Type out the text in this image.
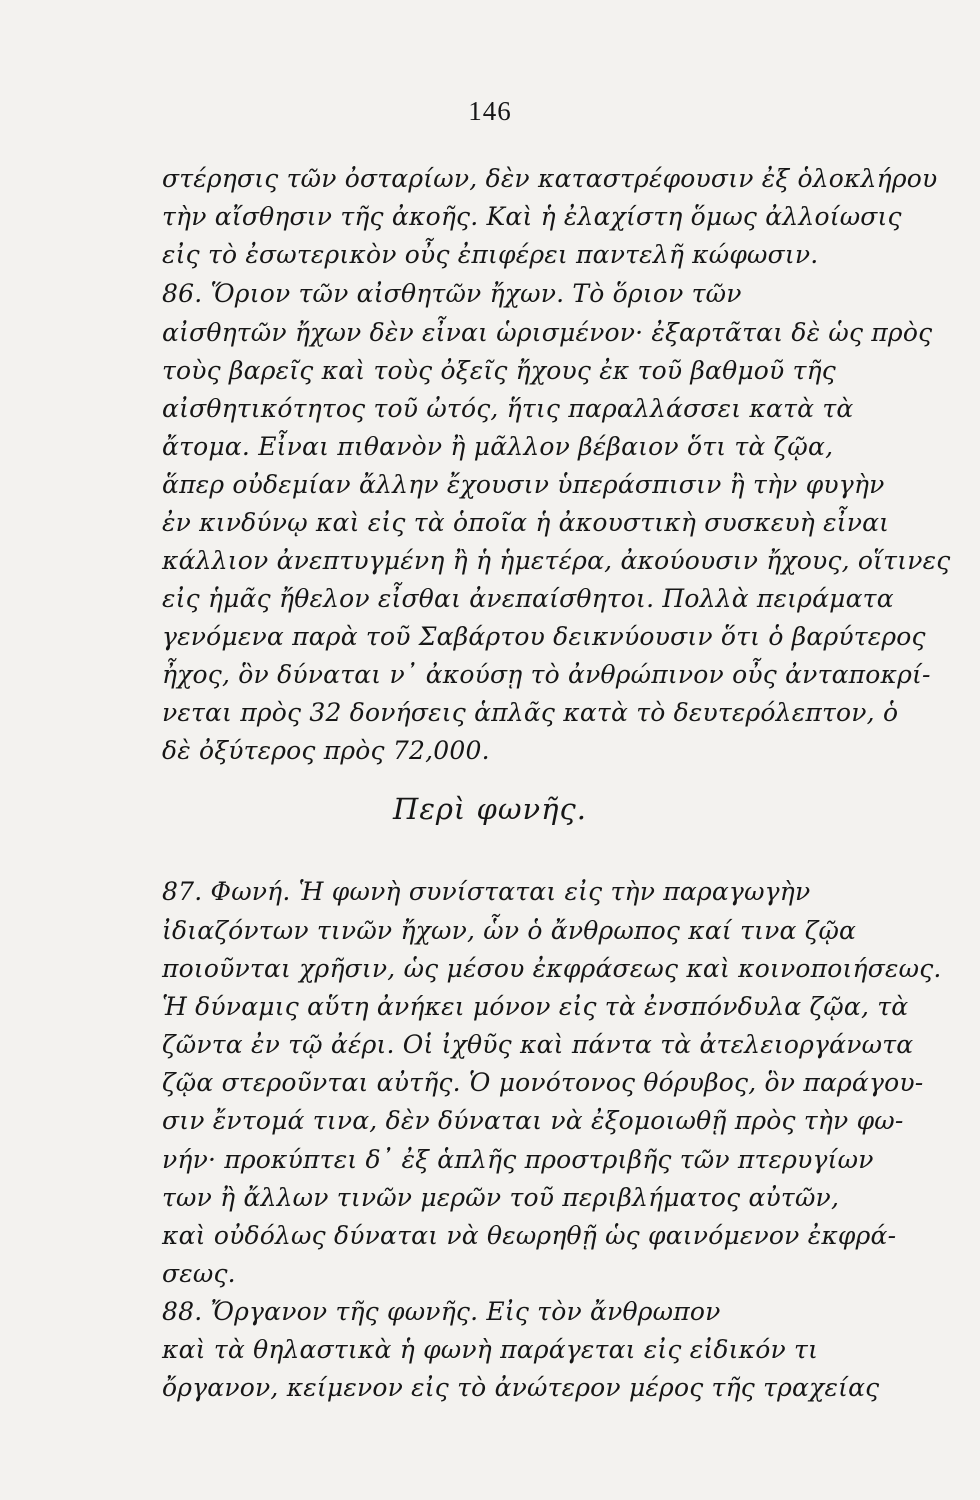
146
στέρησις τῶν ὀσταρίων, δὲν καταστρέφουσιν ἐξ ὁλοκλήρου
τὴν αἴσθησιν τῆς ἀκοῆς. Καὶ ἡ ἐλαχίστη ὅμως ἀλλοίωσις
εἰς τὸ ἐσωτερικὸν οὖς ἐπιφέρει παντελῆ κώφωσιν.
86. Ὅριον τῶν αἰσθητῶν ἤχων. Τὸ ὅριον τῶν
αἰσθητῶν ἤχων δὲν εἶναι ὡρισμένον· ἐξαρτᾶται δὲ ὡς πρὸς
τοὺς βαρεῖς καὶ τοὺς ὀξεῖς ἤχους ἐκ τοῦ βαθμοῦ τῆς
αἰσθητικότητος τοῦ ὠτός, ἥτις παραλλάσσει κατὰ τὰ
ἄτομα. Εἶναι πιθανὸν ἢ μᾶλλον βέβαιον ὅτι τὰ ζῷα,
ἅπερ οὐδεμίαν ἄλλην ἔχουσιν ὑπεράσπισιν ἢ τὴν φυγὴν
ἐν κινδύνῳ καὶ εἰς τὰ ὁποῖα ἡ ἀκουστικὴ συσκευὴ εἶναι
κάλλιον ἀνεπτυγμένη ἢ ἡ ἡμετέρα, ἀκούουσιν ἤχους, οἵτινες
εἰς ἡμᾶς ἤθελον εἶσθαι ἀνεπαίσθητοι. Πολλὰ πειράματα
γενόμενα παρὰ τοῦ Σαβάρτου δεικνύουσιν ὅτι ὁ βαρύτερος
ἦχος, ὃν δύναται ν᾽ ἀκούσῃ τὸ ἀνθρώπινον οὖς ἀνταποκρί-
νεται πρὸς 32 δονήσεις ἁπλᾶς κατὰ τὸ δευτερόλεπτον, ὁ
δὲ ὀξύτερος πρὸς 72,000.
Περὶ φωνῆς.
87. Φωνή. Ἡ φωνὴ συνίσταται εἰς τὴν παραγωγὴν
ἰδιαζόντων τινῶν ἤχων, ὧν ὁ ἄνθρωπος καί τινα ζῷα
ποιοῦνται χρῆσιν, ὡς μέσου ἐκφράσεως καὶ κοινοποιήσεως.
Ἡ δύναμις αὕτη ἀνήκει μόνον εἰς τὰ ἐνσπόνδυλα ζῷα, τὰ
ζῶντα ἐν τῷ ἀέρι. Οἱ ἰχθῦς καὶ πάντα τὰ ἀτελειοργάνωτα
ζῷα στεροῦνται αὐτῆς. Ὁ μονότονος θόρυβος, ὃν παράγου-
σιν ἔντομά τινα, δὲν δύναται νὰ ἐξομοιωθῇ πρὸς τὴν φω-
νήν· προκύπτει δ᾽ ἐξ ἁπλῆς προστριβῆς τῶν πτερυγίων
των ἢ ἄλλων τινῶν μερῶν τοῦ περιβλήματος αὐτῶν,
καὶ οὐδόλως δύναται νὰ θεωρηθῇ ὡς φαινόμενον ἐκφρά-
σεως.
88. Ὄργανον τῆς φωνῆς. Εἰς τὸν ἄνθρωπον
καὶ τὰ θηλαστικὰ ἡ φωνὴ παράγεται εἰς εἰδικόν τι
ὄργανον, κείμενον εἰς τὸ ἀνώτερον μέρος τῆς τραχείας
